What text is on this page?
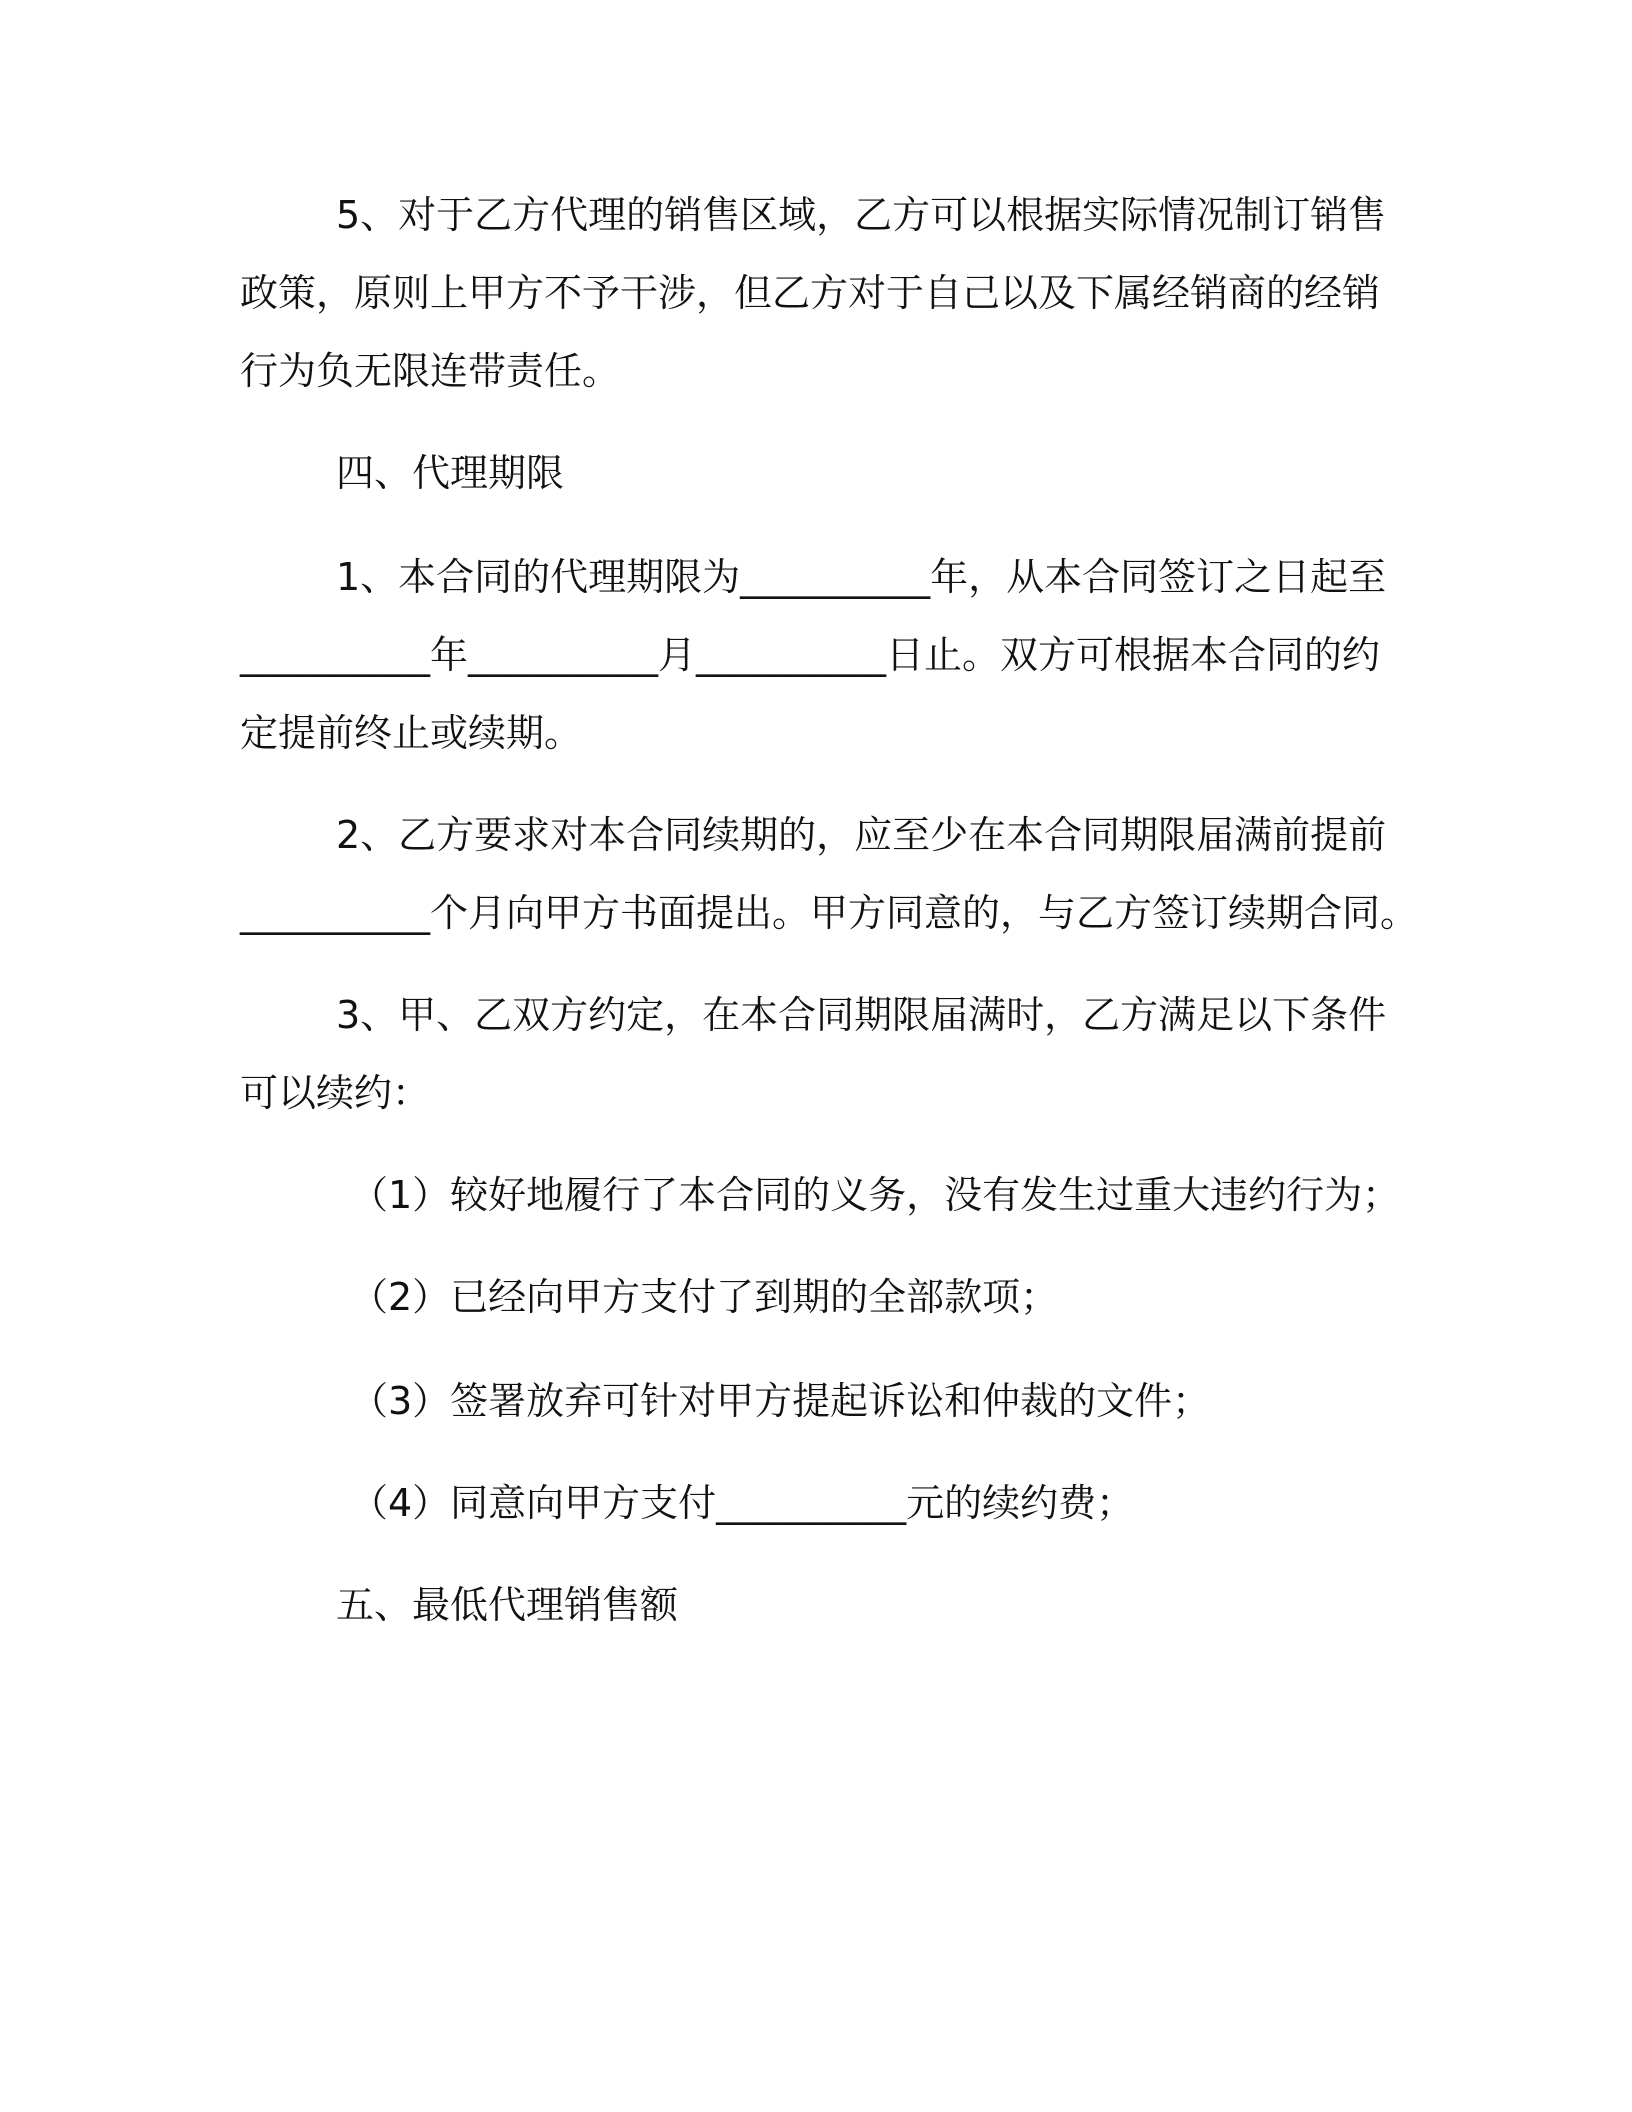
5、对于乙方代理的销售区域，乙方可以根据实际情况制订销售
政策，原则上甲方不予干涉，但乙方对于自己以及下属经销商的经销
行为负无限连带责任。
四、代理期限
1、本合同的代理期限为__________年，从本合同签订之日起至
__________年__________月__________日止。双方可根据本合同的约
定提前终止或续期。
2、乙方要求对本合同续期的，应至少在本合同期限届满前提前
__________个月向甲方书面提出。甲方同意的，与乙方签订续期合同。
3、甲、乙双方约定，在本合同期限届满时，乙方满足以下条件
可以续约：
（1）较好地履行了本合同的义务，没有发生过重大违约行为；
（2）已经向甲方支付了到期的全部款项；
（3）签署放弃可针对甲方提起诉讼和仲裁的文件；
（4）同意向甲方支付__________元的续约费；
五、最低代理销售额
